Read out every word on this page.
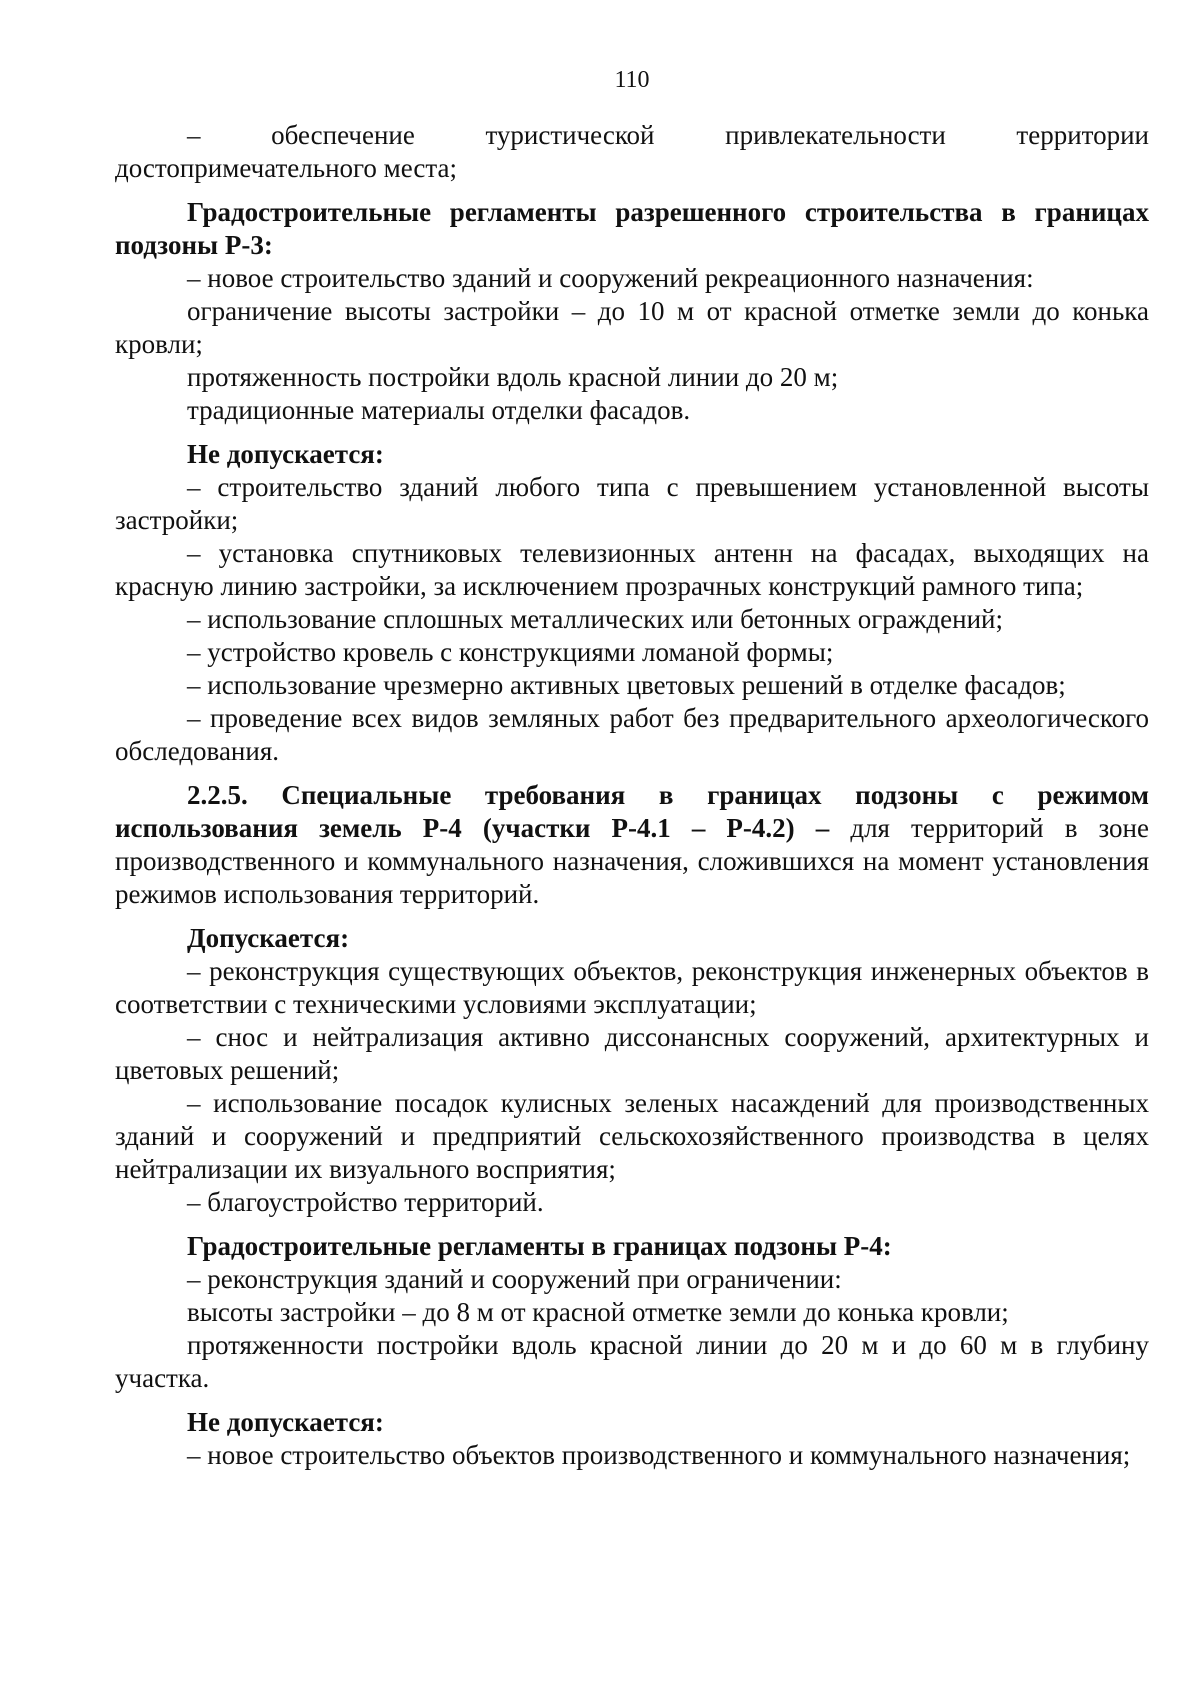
110

– обеспечение туристической привлекательности территории достопримечательного места;

Градостроительные регламенты разрешенного строительства в границах подзоны Р-3:

– новое строительство зданий и сооружений рекреационного назначения:

ограничение высоты застройки – до 10 м от красной отметке земли до конька кровли;

протяженность постройки вдоль красной линии до 20 м;

традиционные материалы отделки фасадов.

Не допускается:

– строительство зданий любого типа с превышением установленной высоты застройки;

– установка спутниковых телевизионных антенн на фасадах, выходящих на красную линию застройки, за исключением прозрачных конструкций рамного типа;

– использование сплошных металлических или бетонных ограждений;

– устройство кровель с конструкциями ломаной формы;

– использование чрезмерно активных цветовых решений в отделке фасадов;

– проведение всех видов земляных работ без предварительного археологического обследования.

2.2.5. Специальные требования в границах подзоны с режимом использования земель Р-4 (участки Р-4.1 – Р-4.2) – для территорий в зоне производственного и коммунального назначения, сложившихся на момент установления режимов использования территорий.

Допускается:

– реконструкция существующих объектов, реконструкция инженерных объектов в соответствии с техническими условиями эксплуатации;

– снос и нейтрализация активно диссонансных сооружений, архитектурных и цветовых решений;

– использование посадок кулисных зеленых насаждений для производственных зданий и сооружений и предприятий сельскохозяйственного производства в целях нейтрализации их визуального восприятия;

– благоустройство территорий.

Градостроительные регламенты в границах подзоны Р-4:

– реконструкция зданий и сооружений при ограничении:

высоты застройки – до 8 м от красной отметке земли до конька кровли;

протяженности постройки вдоль красной линии до 20 м и до 60 м в глубину участка.

Не допускается:

– новое строительство объектов производственного и коммунального назначения;
